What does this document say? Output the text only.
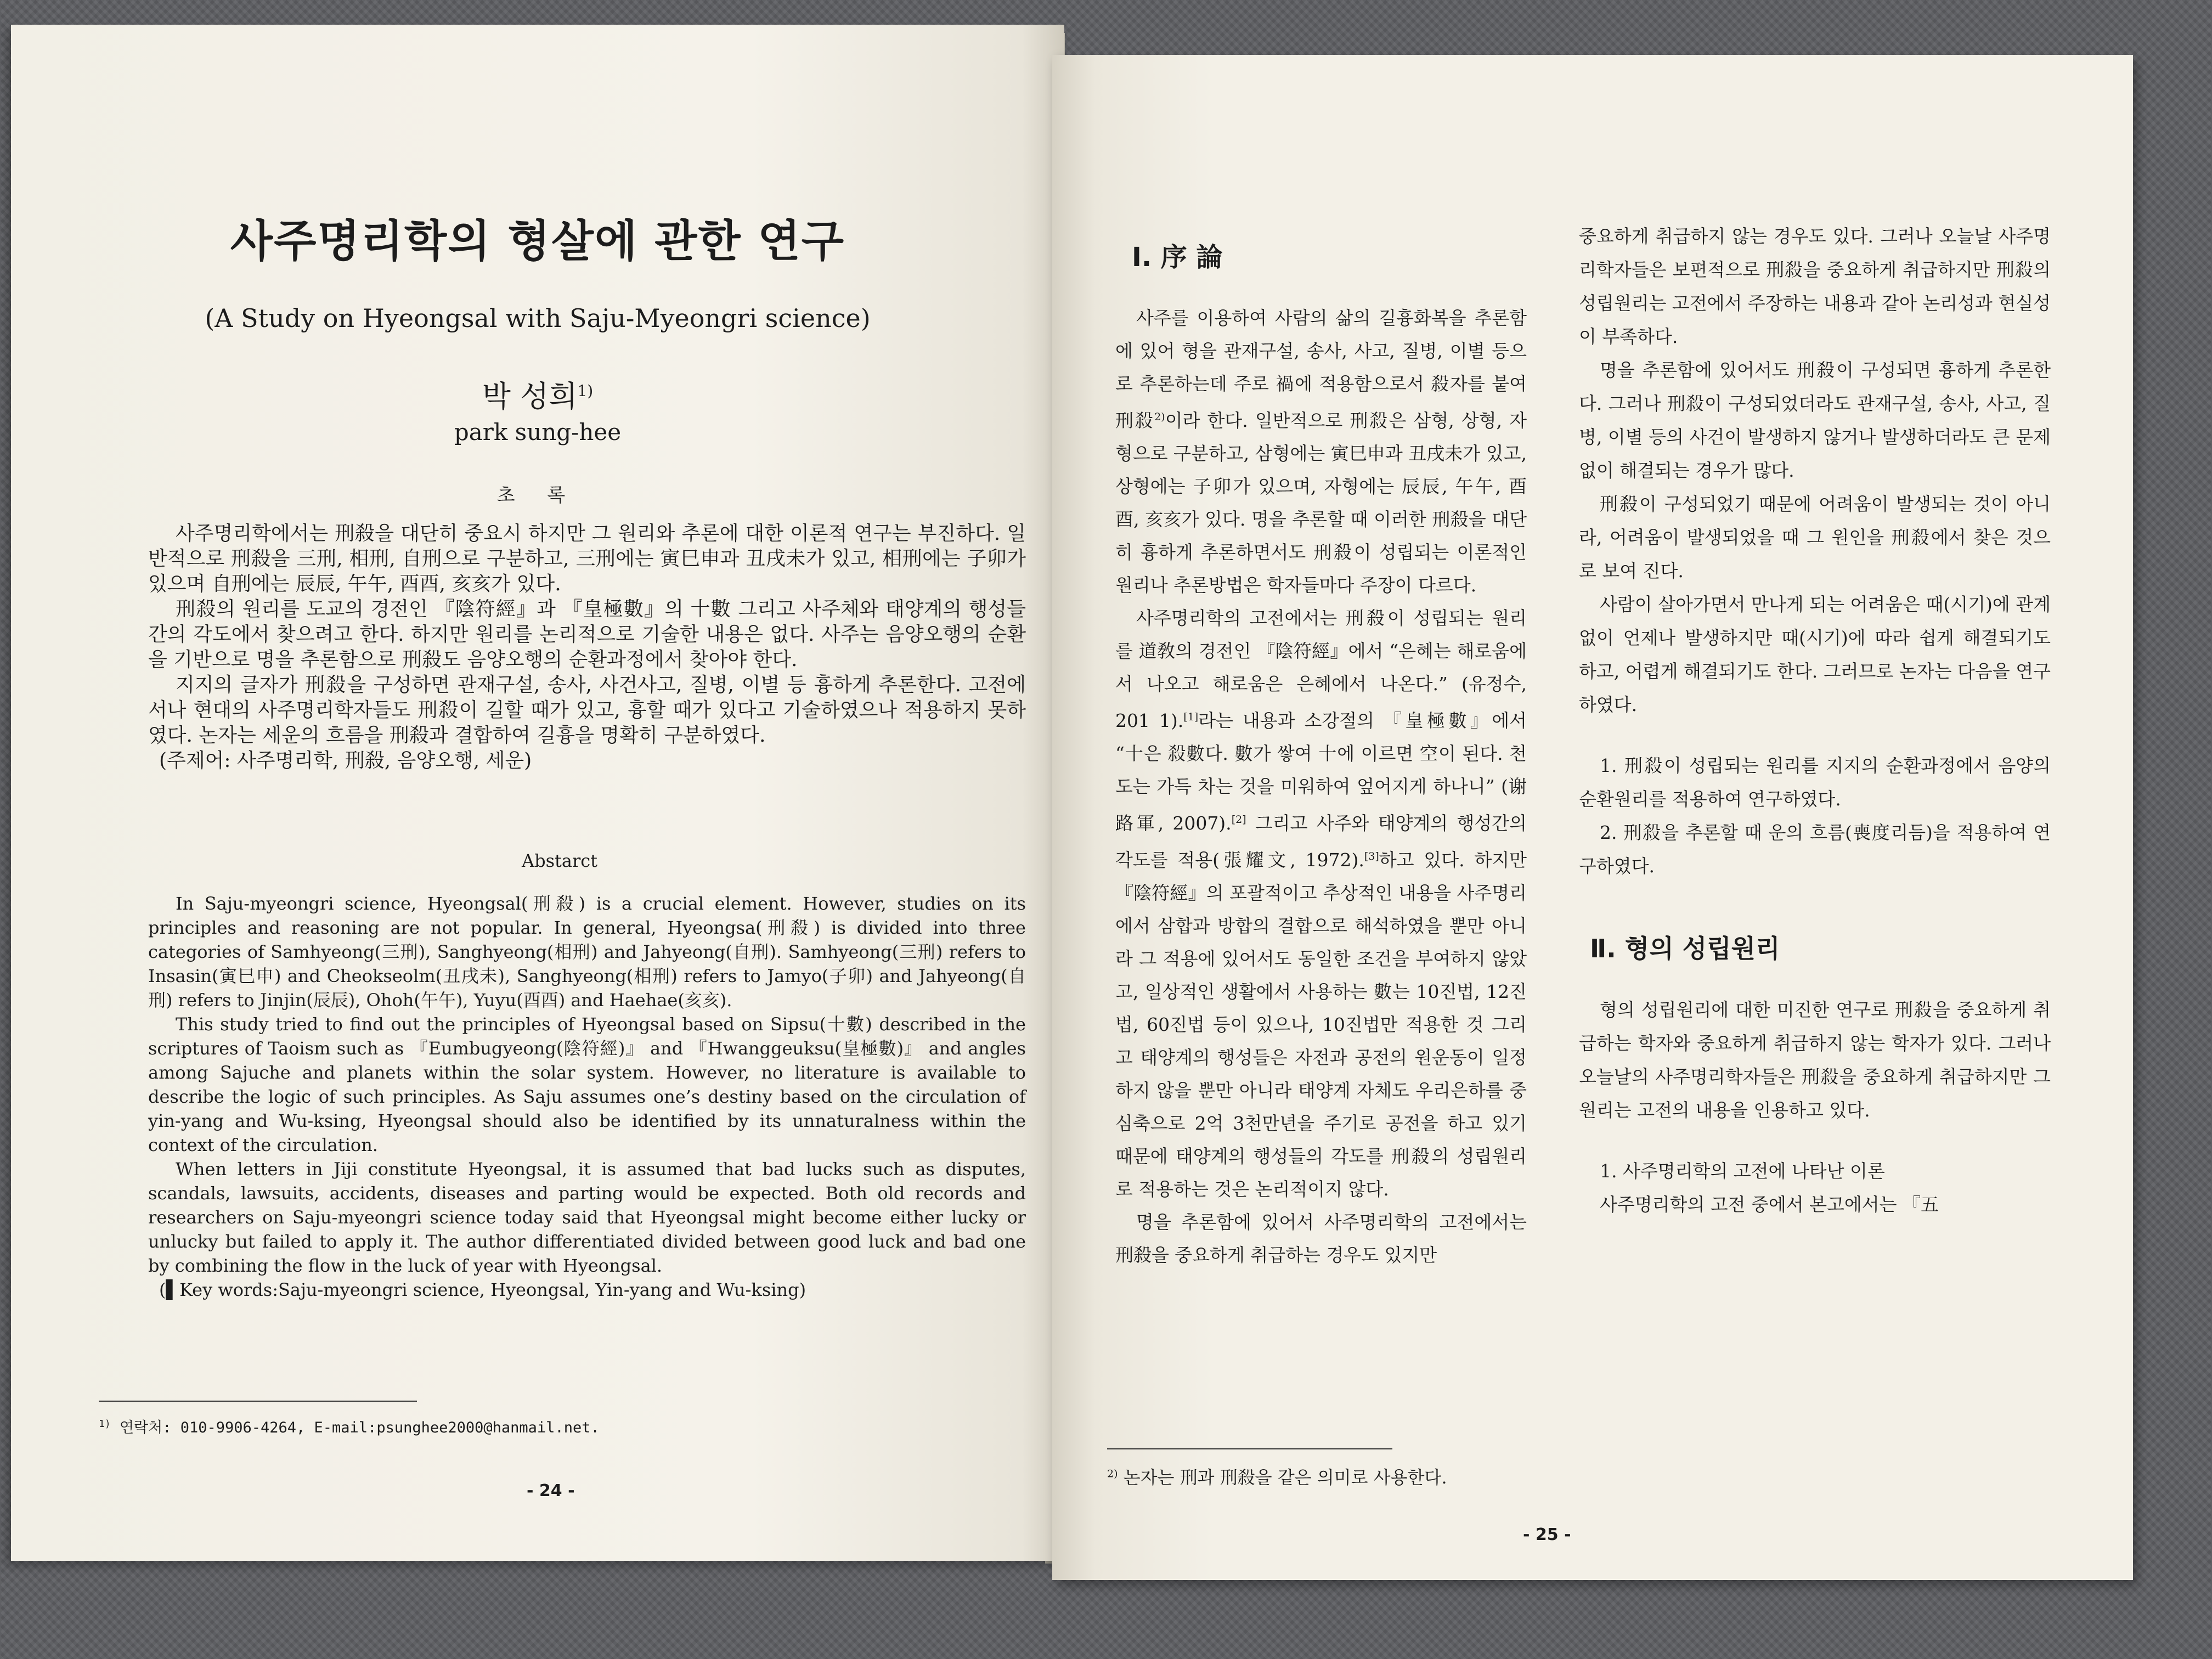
사주명리학의 형살에 관한 연구
(A Study on Hyeongsal with Saju-Myeongri science)
박 성희$^{1)}$
park sung-hee
초 록

사주명리학에서는 刑殺을 대단히 중요시 하지만 그 원리와 추론에 대한 이론적 연구는 부진하다. 일반적으로 刑殺을 三刑, 相刑, 自刑으로 구분하고, 三刑에는 寅巳申과 丑戌未가 있고, 相刑에는 子卯가 있으며 自刑에는 辰辰, 午午, 酉酉, 亥亥가 있다.

刑殺의 원리를 도교의 경전인 『陰符經』과 『皇極數』의 十數 그리고 사주체와 태양계의 행성들간의 각도에서 찾으려고 한다. 하지만 원리를 논리적으로 기술한 내용은 없다. 사주는 음양오행의 순환을 기반으로 명을 추론함으로 刑殺도 음양오행의 순환과정에서 찾아야 한다.

지지의 글자가 刑殺을 구성하면 관재구설, 송사, 사건사고, 질병, 이별 등 흉하게 추론한다. 고전에서나 현대의 사주명리학자들도 刑殺이 길할 때가 있고, 흉할 때가 있다고 기술하였으나 적용하지 못하였다. 논자는 세운의 흐름을 刑殺과 결합하여 길흉을 명확히 구분하였다.

(주제어: 사주명리학, 刑殺, 음양오행, 세운)

Abstarct

In Saju-myeongri science, Hyeongsal(刑殺) is a crucial element. However, studies on its principles and reasoning are not popular. In general, Hyeongsa(刑殺) is divided into three categories of Samhyeong(三刑), Sanghyeong(相刑) and Jahyeong(自刑). Samhyeong(三刑) refers to Insasin(寅巳申) and Cheokseolm(丑戌未), Sanghyeong(相刑) refers to Jamyo(子卯) and Jahyeong(自刑) refers to Jinjin(辰辰), Ohoh(午午), Yuyu(酉酉) and Haehae(亥亥).

This study tried to find out the principles of Hyeongsal based on Sipsu(十數) described in the scriptures of Taoism such as 『Eumbugyeong(陰符經)』 and 『Hwanggeuksu(皇極數)』 and angles among Sajuche and planets within the solar system. However, no literature is available to describe the logic of such principles. As Saju assumes one’s destiny based on the circulation of yin-yang and Wu-ksing, Hyeongsal should also be identified by its unnaturalness within the context of the circulation.

When letters in Jiji constitute Hyeongsal, it is assumed that bad lucks such as disputes, scandals, lawsuits, accidents, diseases and parting would be expected. Both old records and researchers on Saju-myeongri science today said that Hyeongsal might become either lucky or unlucky but failed to apply it. The author differentiated divided between good luck and bad one by combining the flow in the luck of year with Hyeongsal.

(▌Key words:Saju-myeongri science, Hyeongsal, Yin-yang and Wu-ksing)

$^{1)}$ 연락처: 010-9906-4264, E-mail:psunghee2000@hanmail.net.
- 24 -
Ⅰ. 序 論

사주를 이용하여 사람의 삶의 길흉화복을 추론함에 있어 형을 관재구설, 송사, 사고, 질병, 이별 등으로 추론하는데 주로 禍에 적용함으로서 殺자를 붙여 刑殺$^{2)}$이라 한다. 일반적으로 刑殺은 삼형, 상형, 자형으로 구분하고, 삼형에는 寅巳申과 丑戌未가 있고, 상형에는 子卯가 있으며, 자형에는 辰辰, 午午, 酉酉, 亥亥가 있다. 명을 추론할 때 이러한 刑殺을 대단히 흉하게 추론하면서도 刑殺이 성립되는 이론적인 원리나 추론방법은 학자들마다 주장이 다르다.

사주명리학의 고전에서는 刑殺이 성립되는 원리를 道敎의 경전인 『陰符經』에서 “은혜는 해로움에서 나오고 해로움은 은혜에서 나온다.” (유정수, 201 1).[1]라는 내용과 소강절의 『皇極數』에서 “十은 殺數다. 數가 쌓여 十에 이르면 空이 된다. 천도는 가득 차는 것을 미워하여 엎어지게 하나니” (谢路軍, 2007).[2] 그리고 사주와 태양계의 행성간의 각도를 적용(張耀文, 1972).[3]하고 있다. 하지만 『陰符經』의 포괄적이고 추상적인 내용을 사주명리에서 삼합과 방합의 결합으로 해석하였을 뿐만 아니라 그 적용에 있어서도 동일한 조건을 부여하지 않았고, 일상적인 생활에서 사용하는 數는 10진법, 12진법, 60진법 등이 있으나, 10진법만 적용한 것 그리고 태양계의 행성들은 자전과 공전의 원운동이 일정하지 않을 뿐만 아니라 태양계 자체도 우리은하를 중심축으로 2억 3천만년을 주기로 공전을 하고 있기 때문에 태양계의 행성들의 각도를 刑殺의 성립원리로 적용하는 것은 논리적이지 않다.

명을 추론함에 있어서 사주명리학의 고전에서는 刑殺을 중요하게 취급하는 경우도 있지만

중요하게 취급하지 않는 경우도 있다. 그러나 오늘날 사주명리학자들은 보편적으로 刑殺을 중요하게 취급하지만 刑殺의 성립원리는 고전에서 주장하는 내용과 같아 논리성과 현실성이 부족하다.

명을 추론함에 있어서도 刑殺이 구성되면 흉하게 추론한다. 그러나 刑殺이 구성되었더라도 관재구설, 송사, 사고, 질병, 이별 등의 사건이 발생하지 않거나 발생하더라도 큰 문제없이 해결되는 경우가 많다.

刑殺이 구성되었기 때문에 어려움이 발생되는 것이 아니라, 어려움이 발생되었을 때 그 원인을 刑殺에서 찾은 것으로 보여 진다.

사람이 살아가면서 만나게 되는 어려움은 때(시기)에 관계없이 언제나 발생하지만 때(시기)에 따라 쉽게 해결되기도 하고, 어렵게 해결되기도 한다. 그러므로 논자는 다음을 연구하였다.

1. 刑殺이 성립되는 원리를 지지의 순환과정에서 음양의 순환원리를 적용하여 연구하였다.

2. 刑殺을 추론할 때 운의 흐름(喪度리듬)을 적용하여 연구하였다.

Ⅱ. 형의 성립원리

형의 성립원리에 대한 미진한 연구로 刑殺을 중요하게 취급하는 학자와 중요하게 취급하지 않는 학자가 있다. 그러나 오늘날의 사주명리학자들은 刑殺을 중요하게 취급하지만 그 원리는 고전의 내용을 인용하고 있다.

1. 사주명리학의 고전에 나타난 이론

사주명리학의 고전 중에서 본고에서는 『五

$^{2)}$ 논자는 刑과 刑殺을 같은 의미로 사용한다.
- 25 -
